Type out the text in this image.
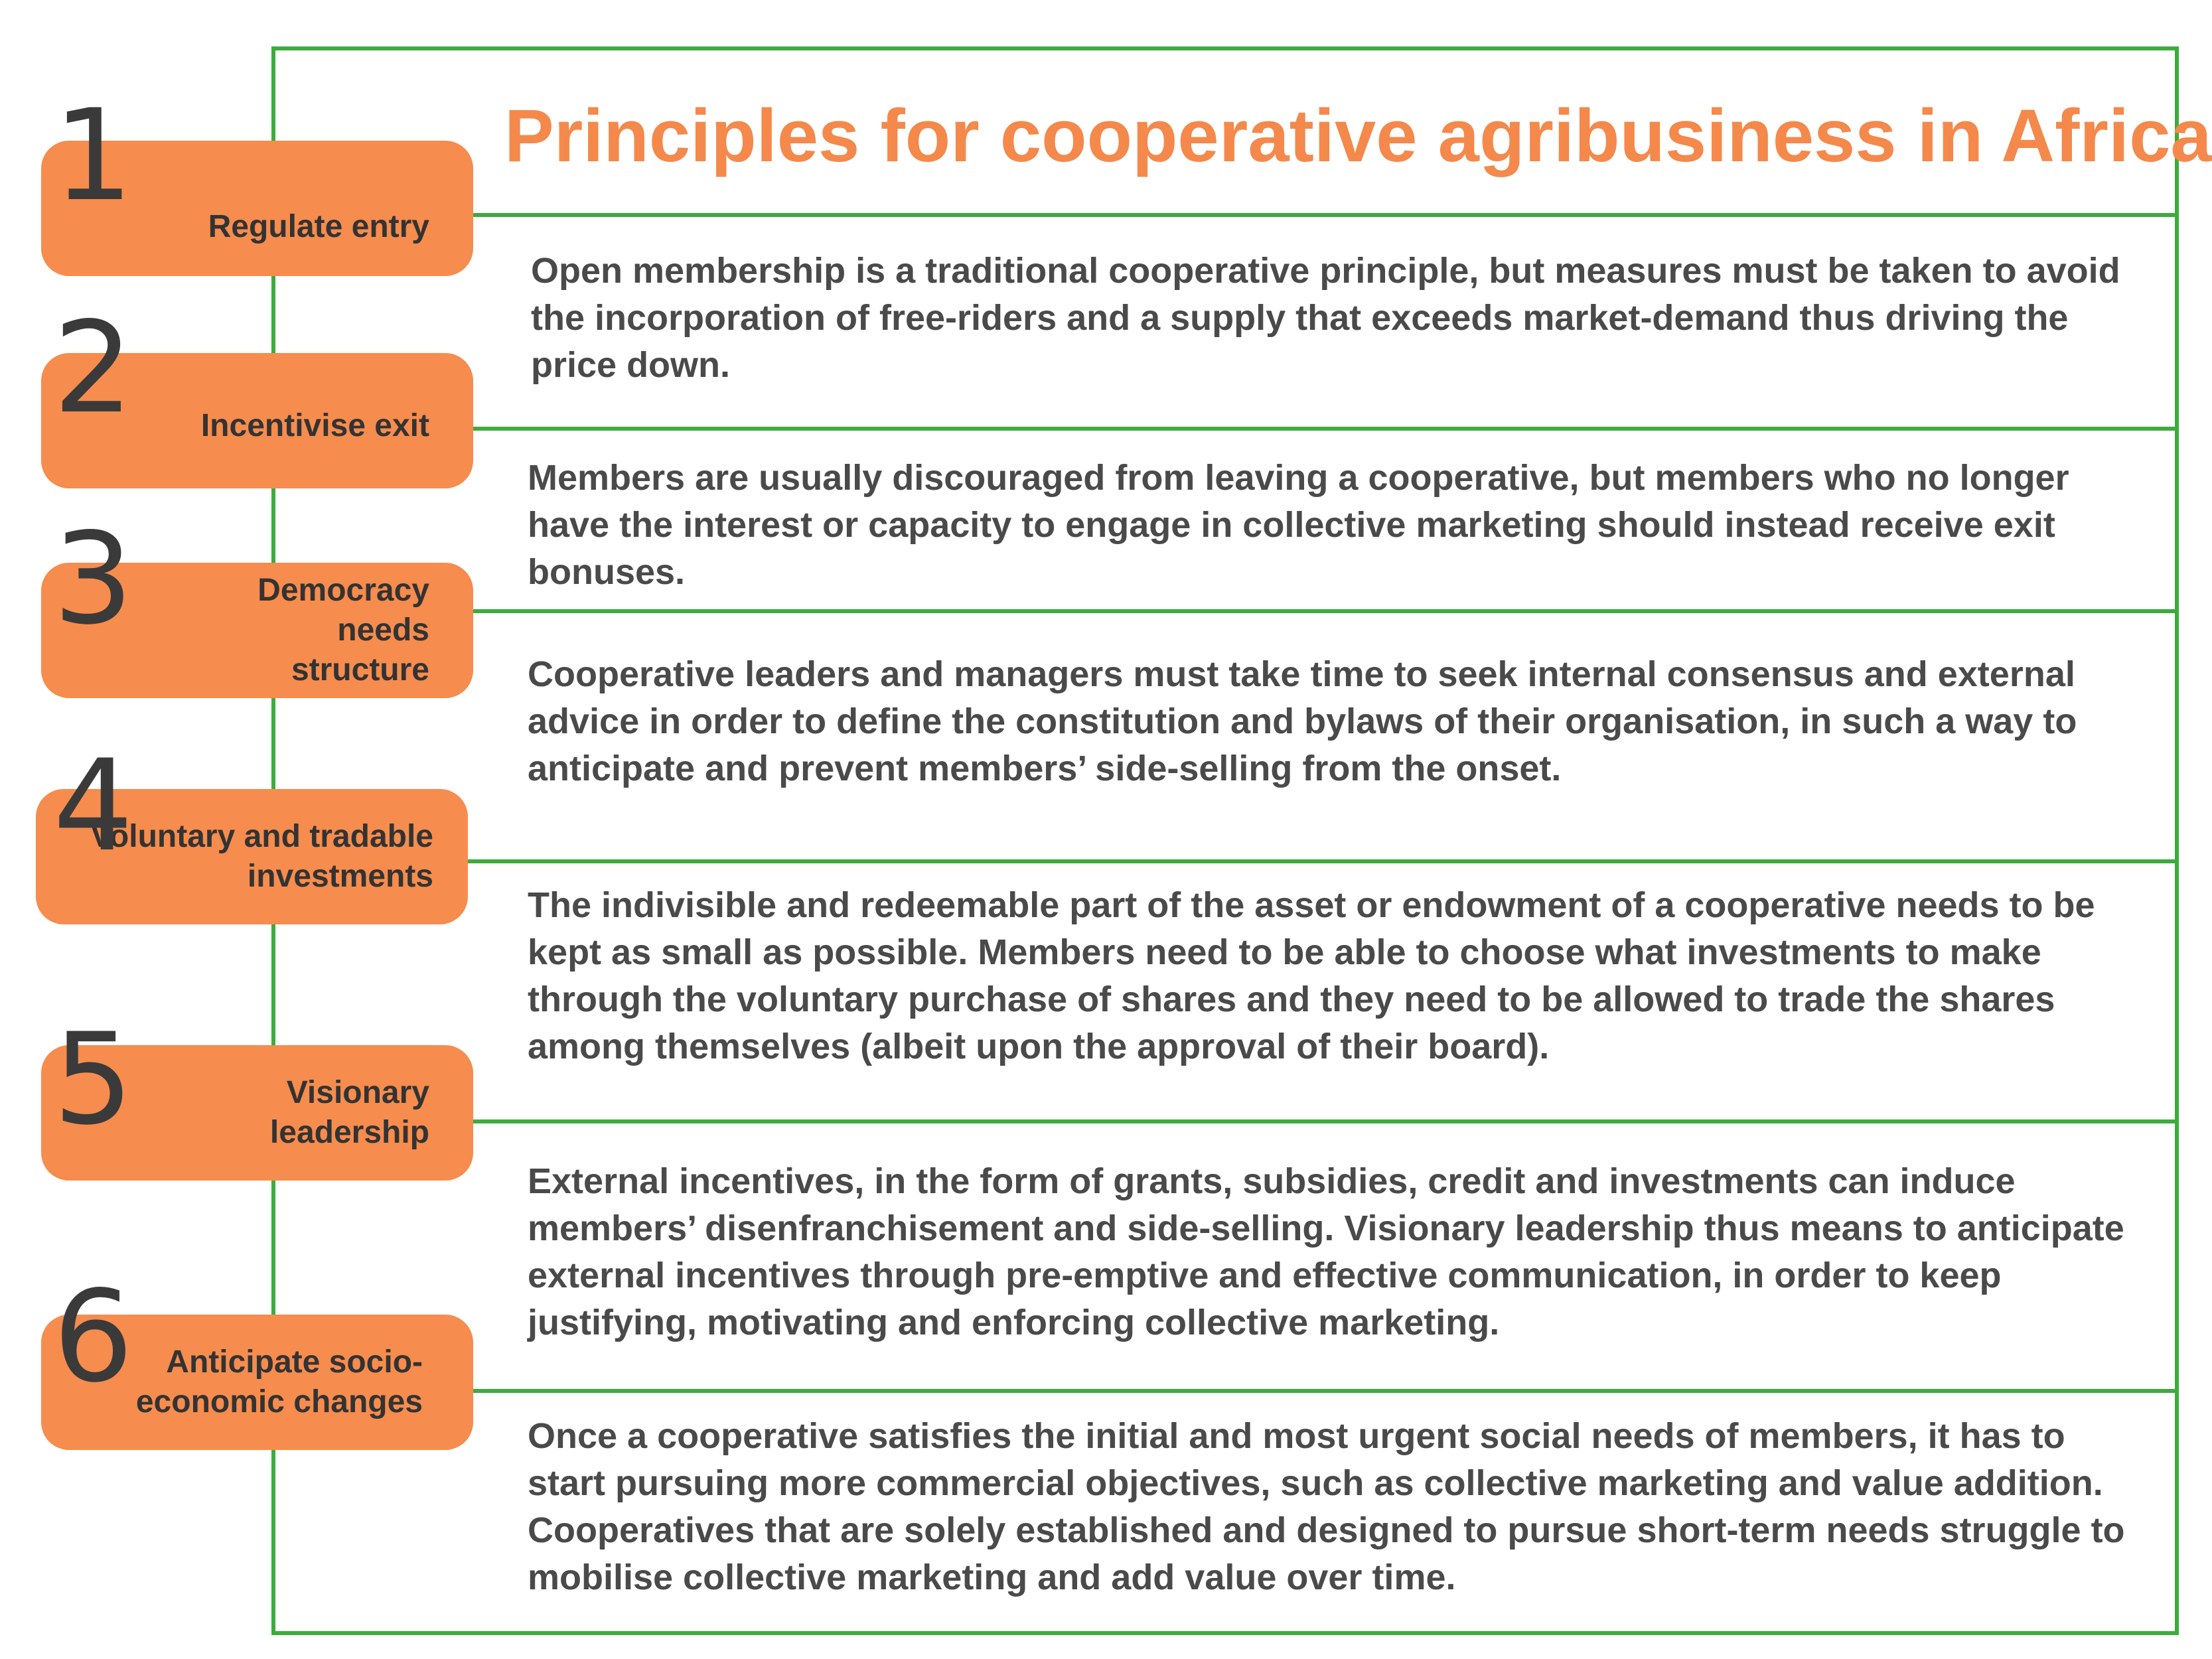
Principles for cooperative agribusiness in Africa
Open membership is a traditional cooperative principle, but measures must be taken to avoid the incorporation of free-riders and a supply that exceeds market-demand thus driving the price down.
Members are usually discouraged from leaving a cooperative, but members who no longer have the interest or capacity to engage in collective marketing should instead receive exit bonuses.
Cooperative leaders and managers must take time to seek internal consensus and external advice in order to define the constitution and bylaws of their organisation, in such a way to anticipate and prevent members’ side-selling from the onset.
The indivisible and redeemable part of the asset or endowment of a cooperative needs to be kept as small as possible. Members need to be able to choose what investments to make through the voluntary purchase of shares and they need to be allowed to trade the shares among themselves (albeit upon the approval of their board).
External incentives, in the form of grants, subsidies, credit and investments can induce members’ disenfranchisement and side-selling. Visionary leadership thus means to anticipate external incentives through pre-emptive and effective communication, in order to keep justifying, motivating and enforcing collective marketing.
Once a cooperative satisfies the initial and most urgent social needs of members, it has to start pursuing more commercial objectives, such as collective marketing and value addition. Cooperatives that are solely established and designed to pursue short-term needs struggle to mobilise collective marketing and add value over time.
Regulate entry
Incentivise exit
Democracy needs structure
Voluntary and tradable investments
Visionary leadership
Anticipate socio-economic changes
1
2
3
4
5
6
